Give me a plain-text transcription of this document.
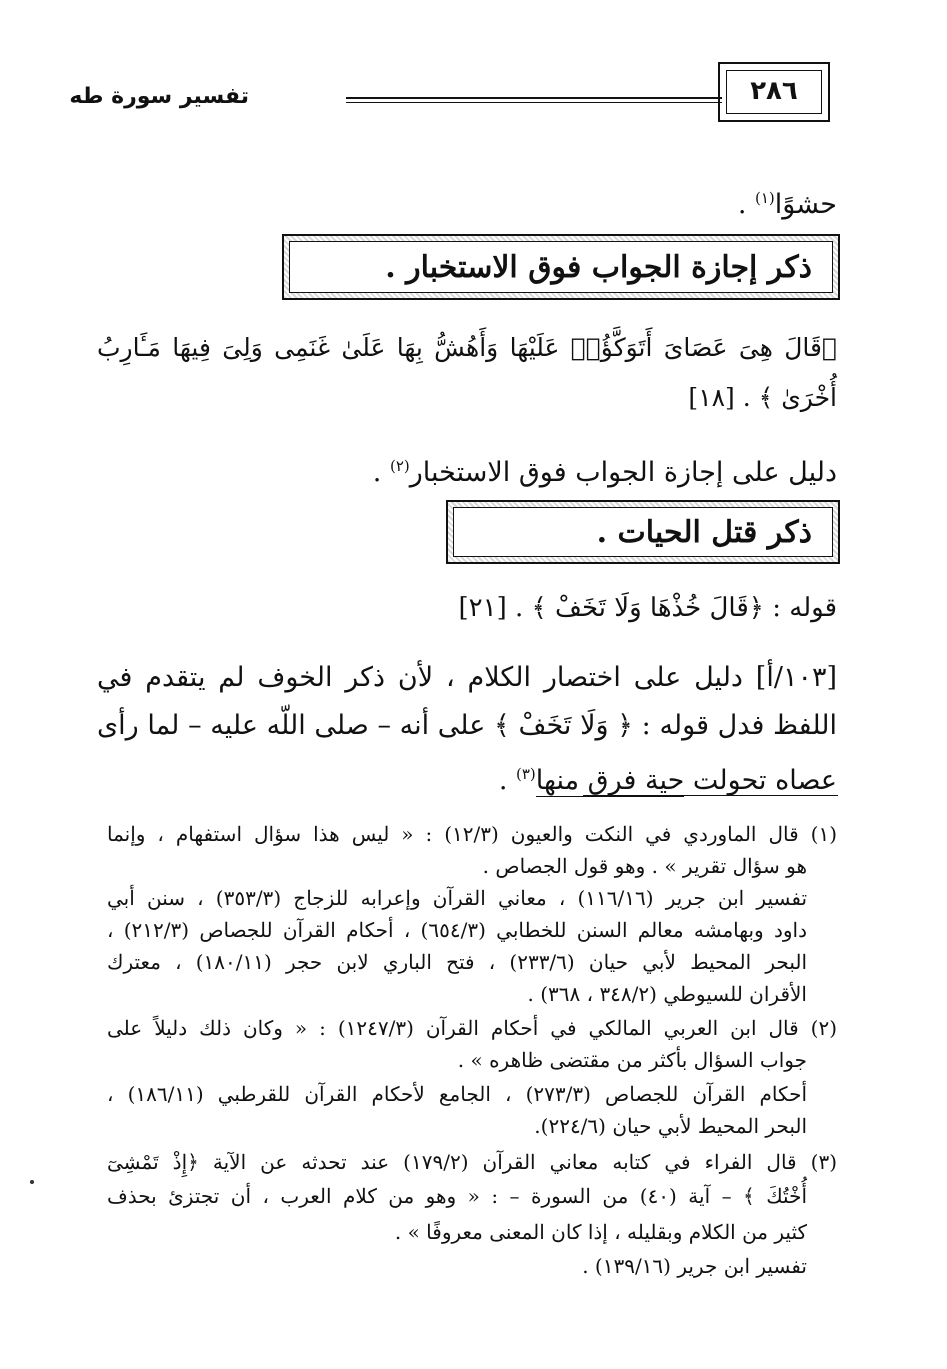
٢٨٦
تفسير سورة طه
حشوًا$^{(١)}$ .
ذكر إجازة الجواب فوق الاستخبار .
﴿قَالَ هِىَ عَصَاىَ أَتَوَكَّؤُا۟ عَلَيْهَا وَأَهُشُّ بِهَا عَلَىٰ غَنَمِى وَلِىَ فِيهَا مَـَٔارِبُ
أُخْرَىٰ ﴾ . [١٨]
دليل على إجازة الجواب فوق الاستخبار$^{(٢)}$ .
ذكر قتل الحيات .
قوله : ﴿قَالَ خُذْهَا وَلَا تَخَفْ ﴾ . [٢١]
[١٠٣/أ] دليل على اختصار الكلام ، لأن ذكر الخوف لم يتقدم في
اللفظ فدل قوله : ﴿ وَلَا تَخَفْ ﴾ على أنه – صلى اللّه عليه – لما رأى
عصاه تحولت حية فرق منها$^{(٣)}$ .
(١) قال الماوردي في النكت والعيون (١٢/٣) : « ليس هذا سؤال استفهام ، وإنما
هو سؤال تقرير » . وهو قول الجصاص .
تفسير ابن جرير (١١٦/١٦) ، معاني القرآن وإعرابه للزجاج (٣٥٣/٣) ، سنن أبي
داود وبهامشه معالم السنن للخطابي (٦٥٤/٣) ، أحكام القرآن للجصاص (٢١٢/٣) ،
البحر المحيط لأبي حيان (٢٣٣/٦) ، فتح الباري لابن حجر (١٨٠/١١) ، معترك
الأقران للسيوطي (٣٤٨/٢ ، ٣٦٨) .
(٢) قال ابن العربي المالكي في أحكام القرآن (١٢٤٧/٣) : « وكان ذلك دليلاً على
جواب السؤال بأكثر من مقتضى ظاهره » .
أحكام القرآن للجصاص (٢٧٣/٣) ، الجامع لأحكام القرآن للقرطبي (١٨٦/١١) ،
البحر المحيط لأبي حيان (٢٢٤/٦).
(٣) قال الفراء في كتابه معاني القرآن (١٧٩/٢) عند تحدثه عن الآية ﴿إِذْ تَمْشِىٓ
أُخْتُكَ ﴾ – آية (٤٠) من السورة – : « وهو من كلام العرب ، أن تجتزئ بحذف
كثير من الكلام وبقليله ، إذا كان المعنى معروفًا » .
تفسير ابن جرير (١٣٩/١٦) .
